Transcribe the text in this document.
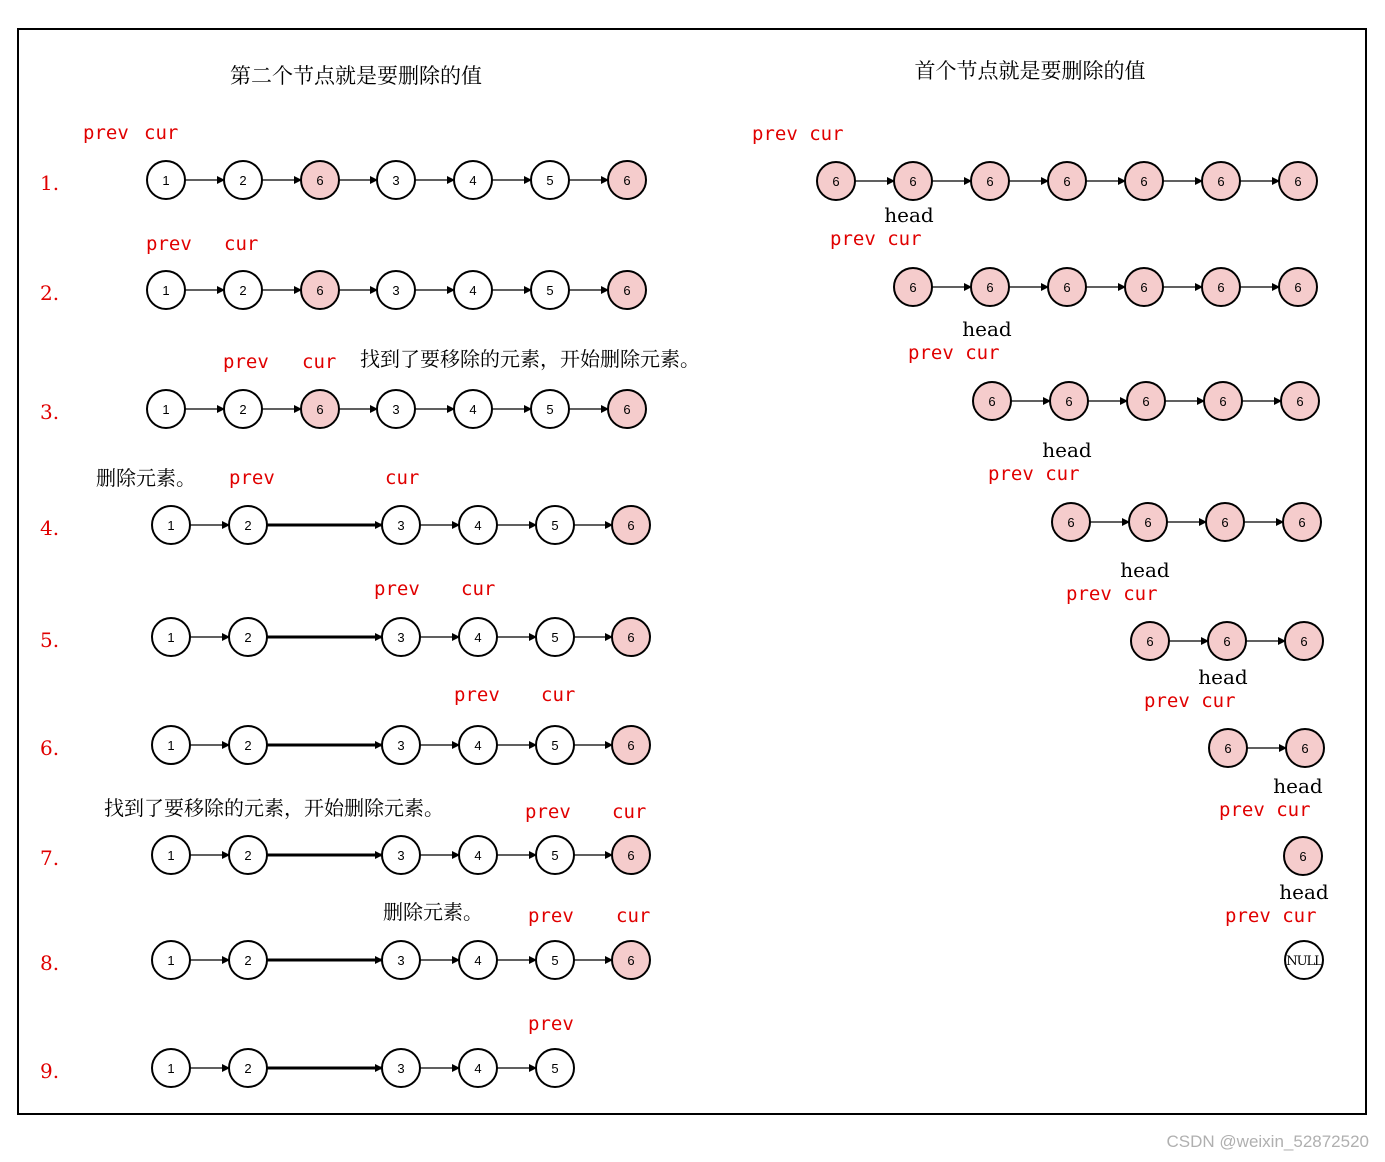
第二个节点就是要删除的值	首个节点就是要删除的值
1.
prev cur
1	2	6	3	4	5	6
2.
prev cur
1	2	6	3	4	5	6
3.
prev cur 找到了要移除的元素，开始删除元素。
1	2	6	3	4	5	6
4.
prev	cur
删除元素。
1	2	3	4	5	6
5.
prev cur
1	2	3	4	5	6
6.
prev cur
1	2	3	4	5	6
7.
prev cur
找到了要移除的元素，开始删除元素。
1	2	3	4	5	6
8.
prev cur
删除元素。
1	2	3	4	5	6
9.
prev
1	2	3	4	5
prev cur
6	6	6	6	6	6	6
head
prev cur
6	6	6	6	6	6
head
prev cur
6	6	6	6	6
head
prev cur
6	6	6	6
head
prev cur
6	6	6
head
prev cur
6	6
head
prev cur
6
head
prev cur
NULL
CSDN @weixin_52872520
